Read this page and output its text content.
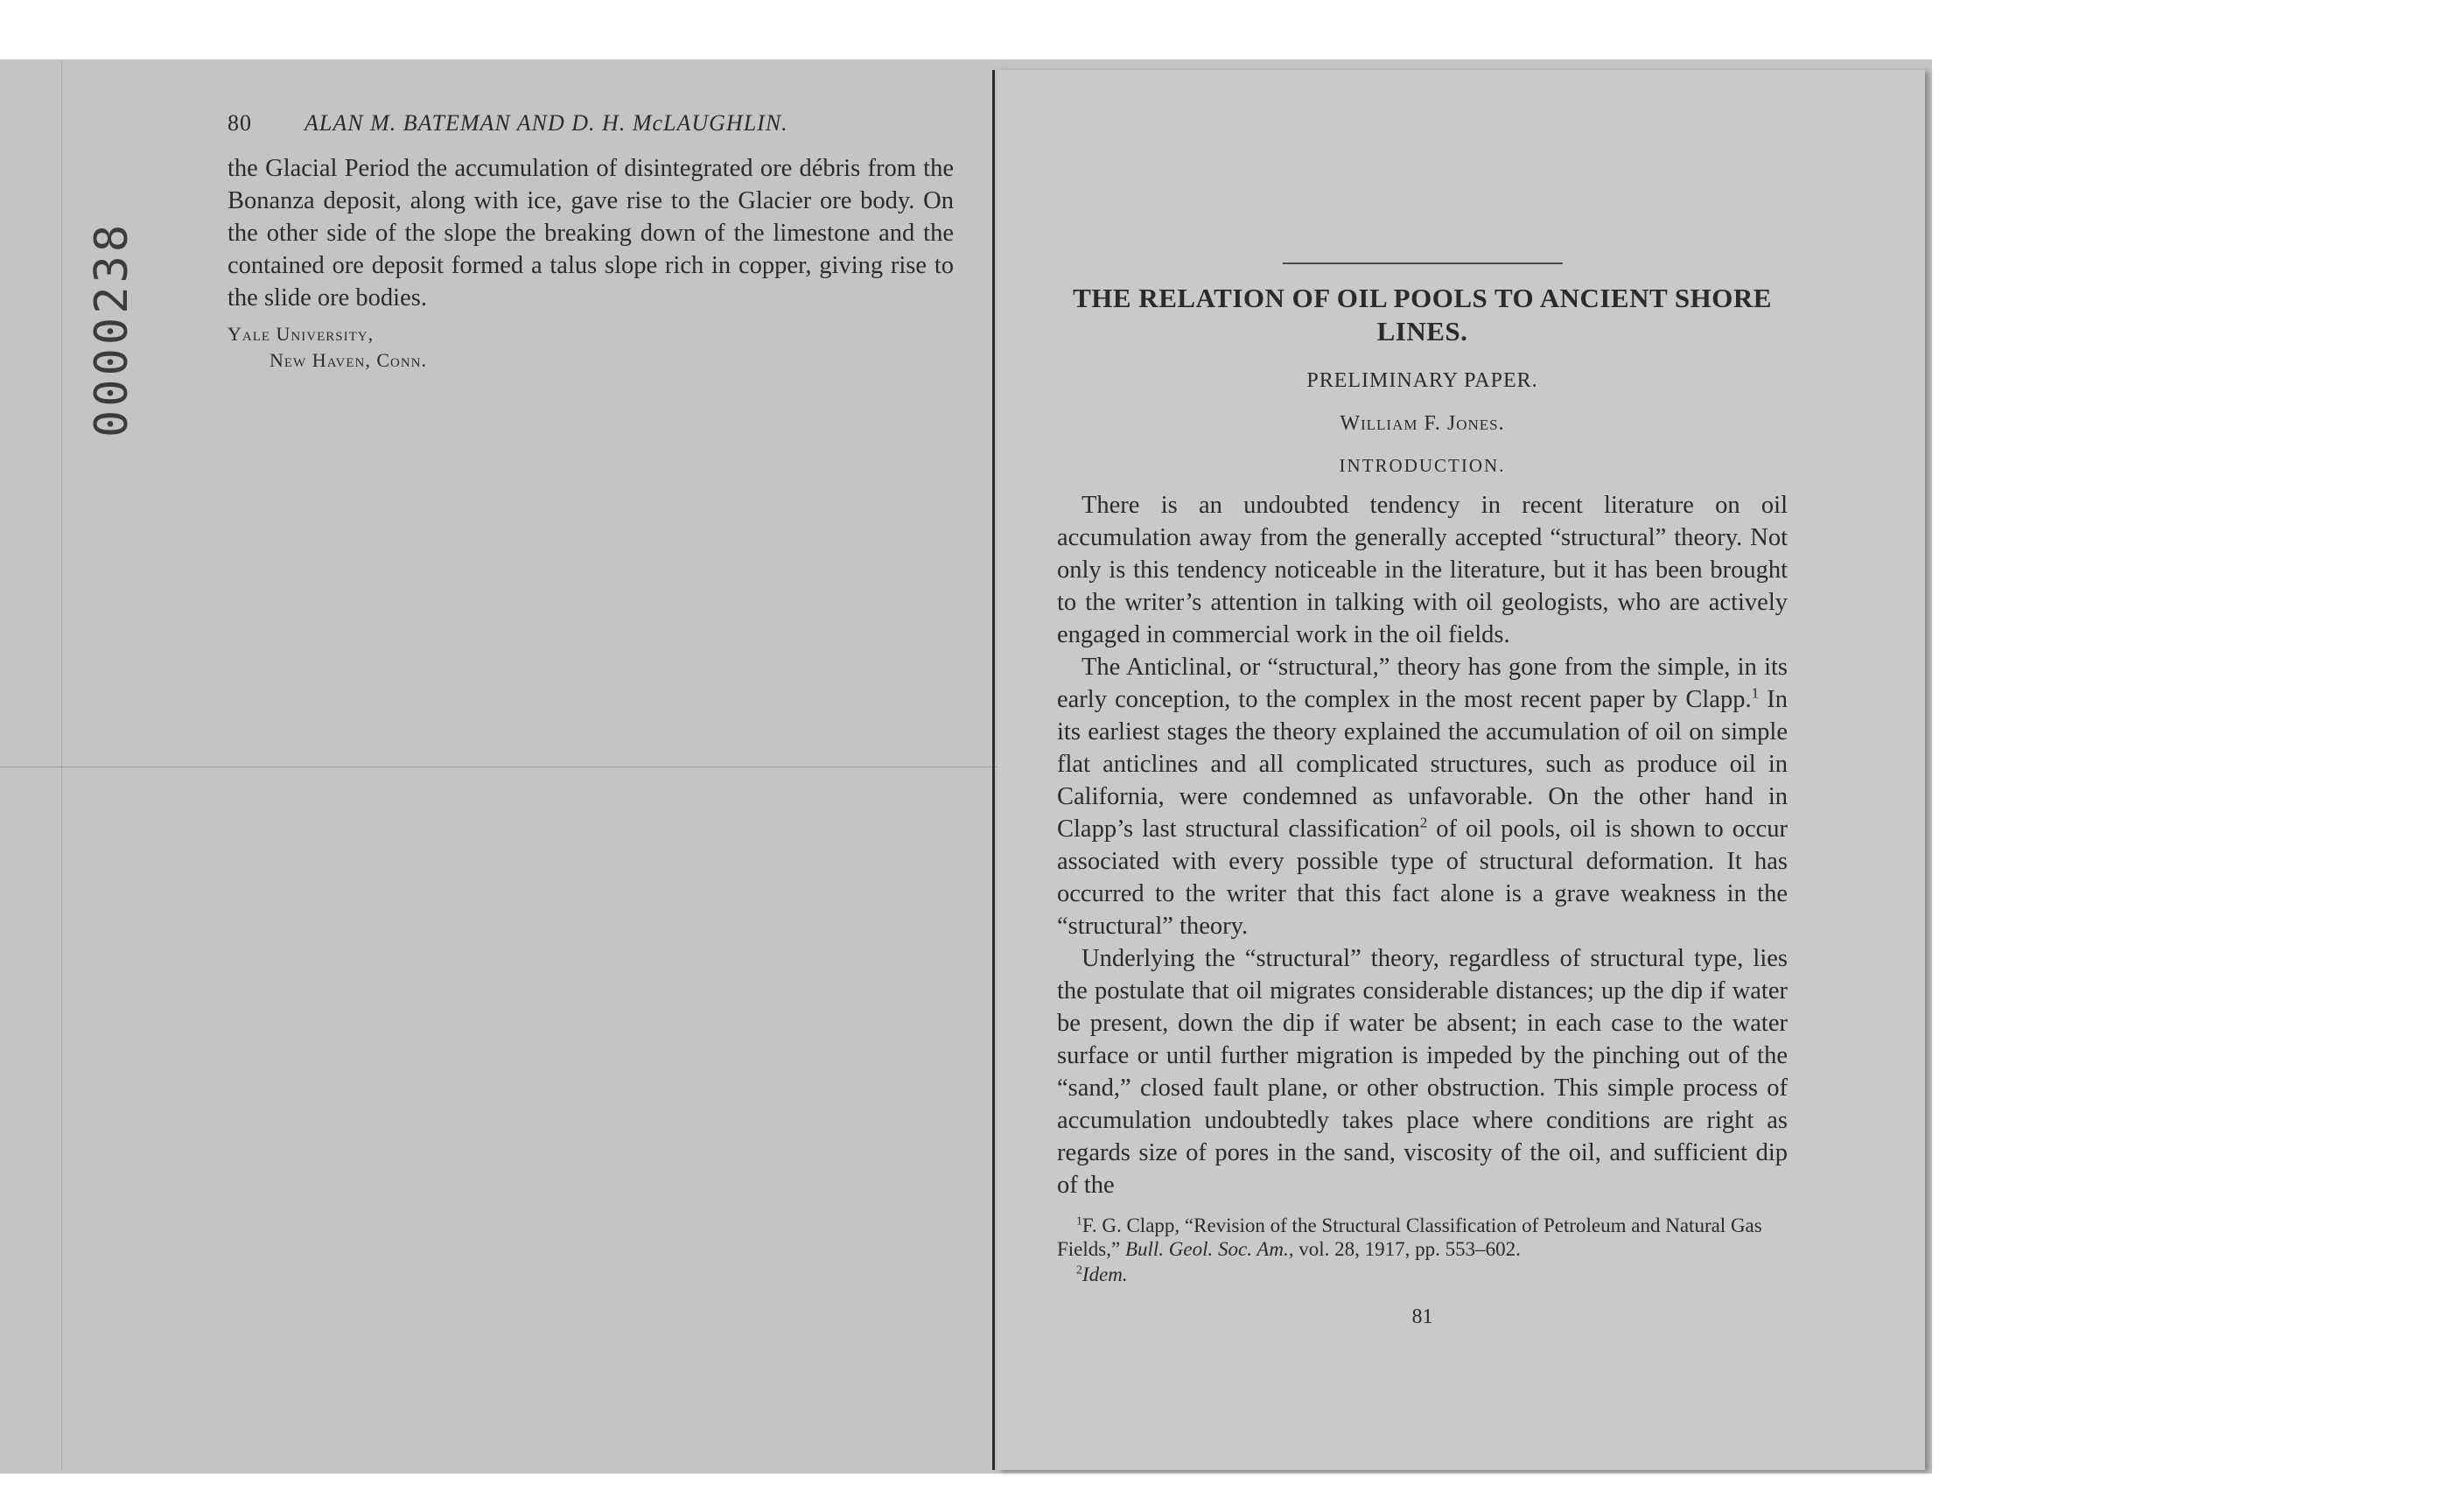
0000238
80 ALAN M. BATEMAN AND D. H. McLAUGHLIN.

the Glacial Period the accumulation of disintegrated ore débris from the Bonanza deposit, along with ice, gave rise to the Glacier ore body. On the other side of the slope the breaking down of the limestone and the contained ore deposit formed a talus slope rich in copper, giving rise to the slide ore bodies.

Yale University,
New Haven, Conn.
THE RELATION OF OIL POOLS TO ANCIENT SHORE LINES.
PRELIMINARY PAPER.
William F. Jones.
INTRODUCTION.

There is an undoubted tendency in recent literature on oil accumulation away from the generally accepted “structural” theory. Not only is this tendency noticeable in the literature, but it has been brought to the writer’s attention in talking with oil geologists, who are actively engaged in commercial work in the oil fields.

The Anticlinal, or “structural,” theory has gone from the simple, in its early conception, to the complex in the most recent paper by Clapp.$^1$ In its earliest stages the theory explained the accumulation of oil on simple flat anticlines and all complicated structures, such as produce oil in California, were condemned as unfavorable. On the other hand in Clapp’s last structural classification$^2$ of oil pools, oil is shown to occur associated with every possible type of structural deformation. It has occurred to the writer that this fact alone is a grave weakness in the “structural” theory.

Underlying the “structural” theory, regardless of structural type, lies the postulate that oil migrates considerable distances; up the dip if water be present, down the dip if water be absent; in each case to the water surface or until further migration is impeded by the pinching out of the “sand,” closed fault plane, or other obstruction. This simple process of accumulation undoubtedly takes place where conditions are right as regards size of pores in the sand, viscosity of the oil, and sufficient dip of the

$^1$F. G. Clapp, “Revision of the Structural Classification of Petroleum and Natural Gas Fields,” Bull. Geol. Soc. Am., vol. 28, 1917, pp. 553–602.

$^2$Idem.

81
